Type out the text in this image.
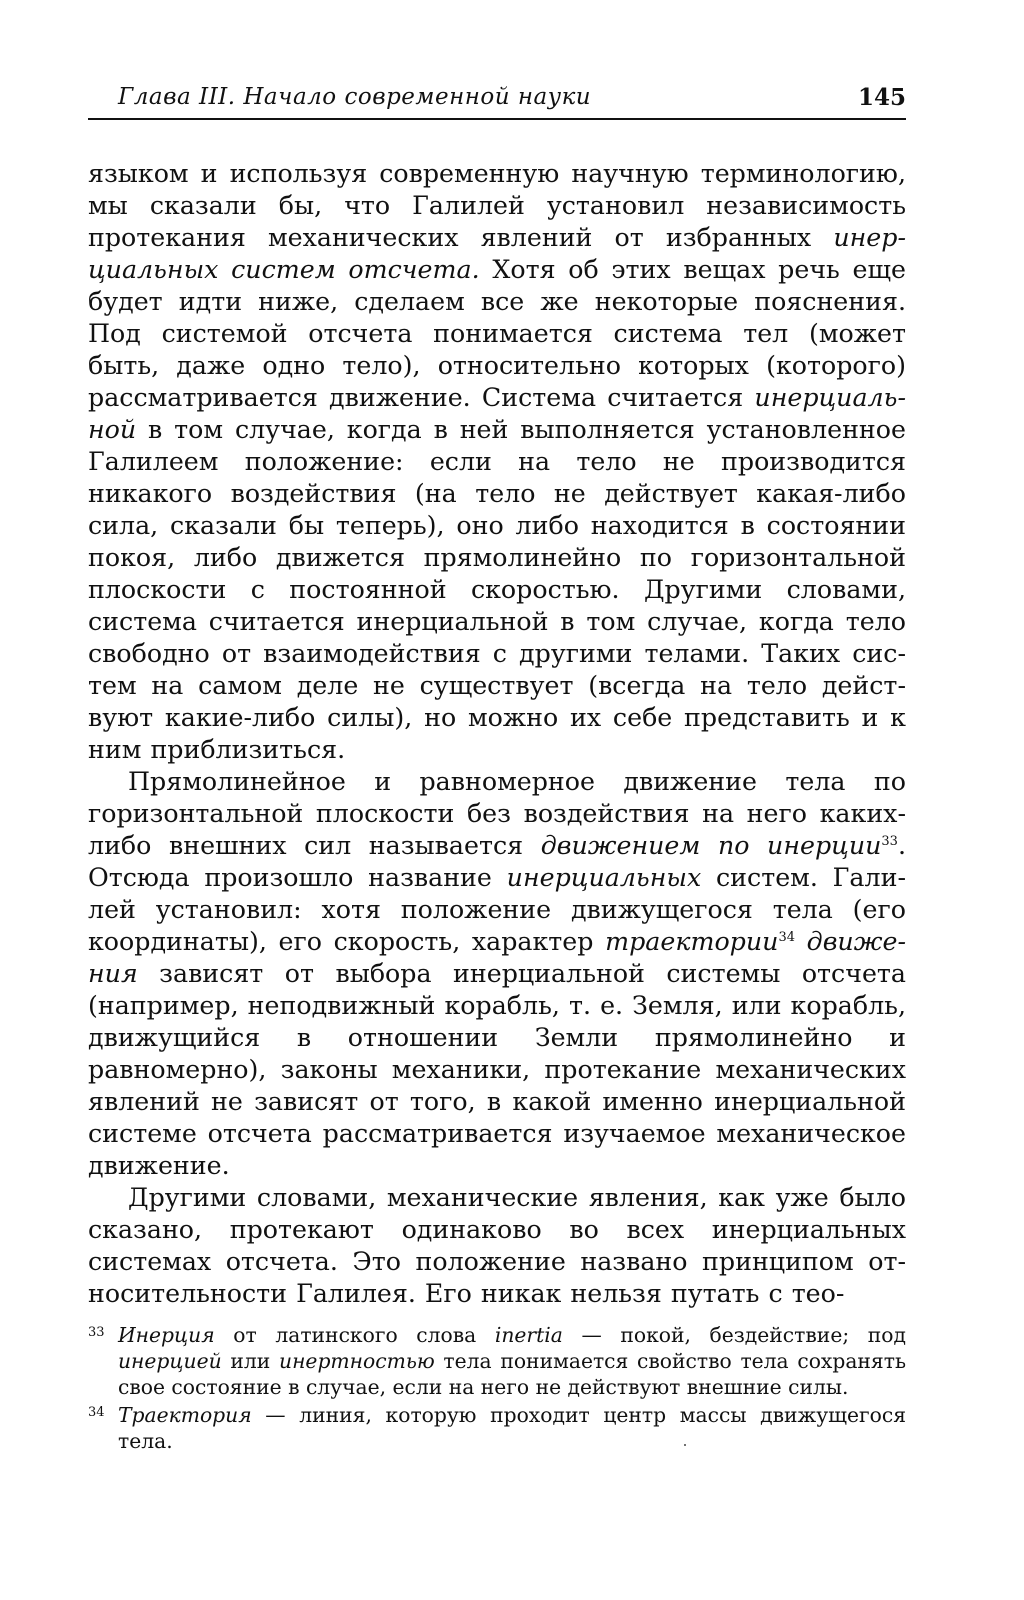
Глава III. Начало современной науки	145

языком и используя современную научную терминологию, мы сказали бы, что Галилей установил независимость протекания механических явлений от избранных инерциальных систем отсчета. Хотя об этих вещах речь еще будет идти ниже, сделаем все же некоторые пояснения. Под системой отсчета понимается система тел (может быть, даже одно тело), относительно которых (которого) рассматривается движение. Система считается инерциальной в том случае, когда в ней выполняется установленное Галилеем положение: если на тело не производится никакого воздействия (на тело не действует какая-либо сила, сказали бы теперь), оно либо находится в состоянии покоя, либо движется прямолинейно по горизонтальной плоскости с постоянной скоростью. Другими словами, система считается инерциальной в том случае, когда тело свободно от взаимодействия с другими телами. Таких систем на самом деле не существует (всегда на тело действуют какие-либо силы), но можно их себе представить и к ним приблизиться.

Прямолинейное и равномерное движение тела по горизонтальной плоскости без воздействия на него каких-либо внешних сил называется движением по инерции$^{33}$. Отсюда произошло название инерциальных систем. Галилей установил: хотя положение движущегося тела (его координаты), его скорость, характер траектории$^{34}$ движения зависят от выбора инерциальной системы отсчета (например, неподвижный корабль, т. е. Земля, или корабль, движущийся в отношении Земли прямолинейно и равномерно), законы механики, протекание механических явлений не зависят от того, в какой именно инерциальной системе отсчета рассматривается изучаемое механическое движение.

Другими словами, механические явления, как уже было сказано, протекают одинаково во всех инерциальных системах отсчета. Это положение названо принципом относительности Галилея. Его никак нельзя путать с тео-

33 Инерция от латинского слова inertia — покой, бездействие; под инерцией или инертностью тела понимается свойство тела сохранять свое состояние в случае, если на него не действуют внешние силы.

34 Траектория — линия, которую проходит центр массы движущегося тела.
